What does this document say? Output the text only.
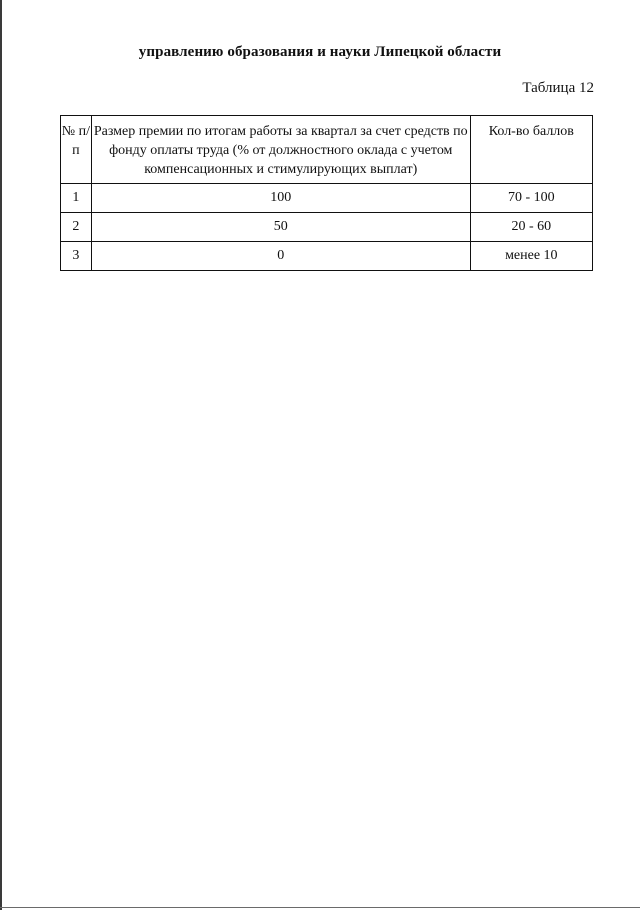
управлению образования и науки Липецкой области
Таблица 12
№ п/п	Размер премии по итогам работы за квартал за счет средств по фонду оплаты труда (% от должностного оклада с учетом компенсационных и стимулирующих выплат)	Кол-во баллов
1	100	70 - 100
2	50	20 - 60
3	0	менее 10
